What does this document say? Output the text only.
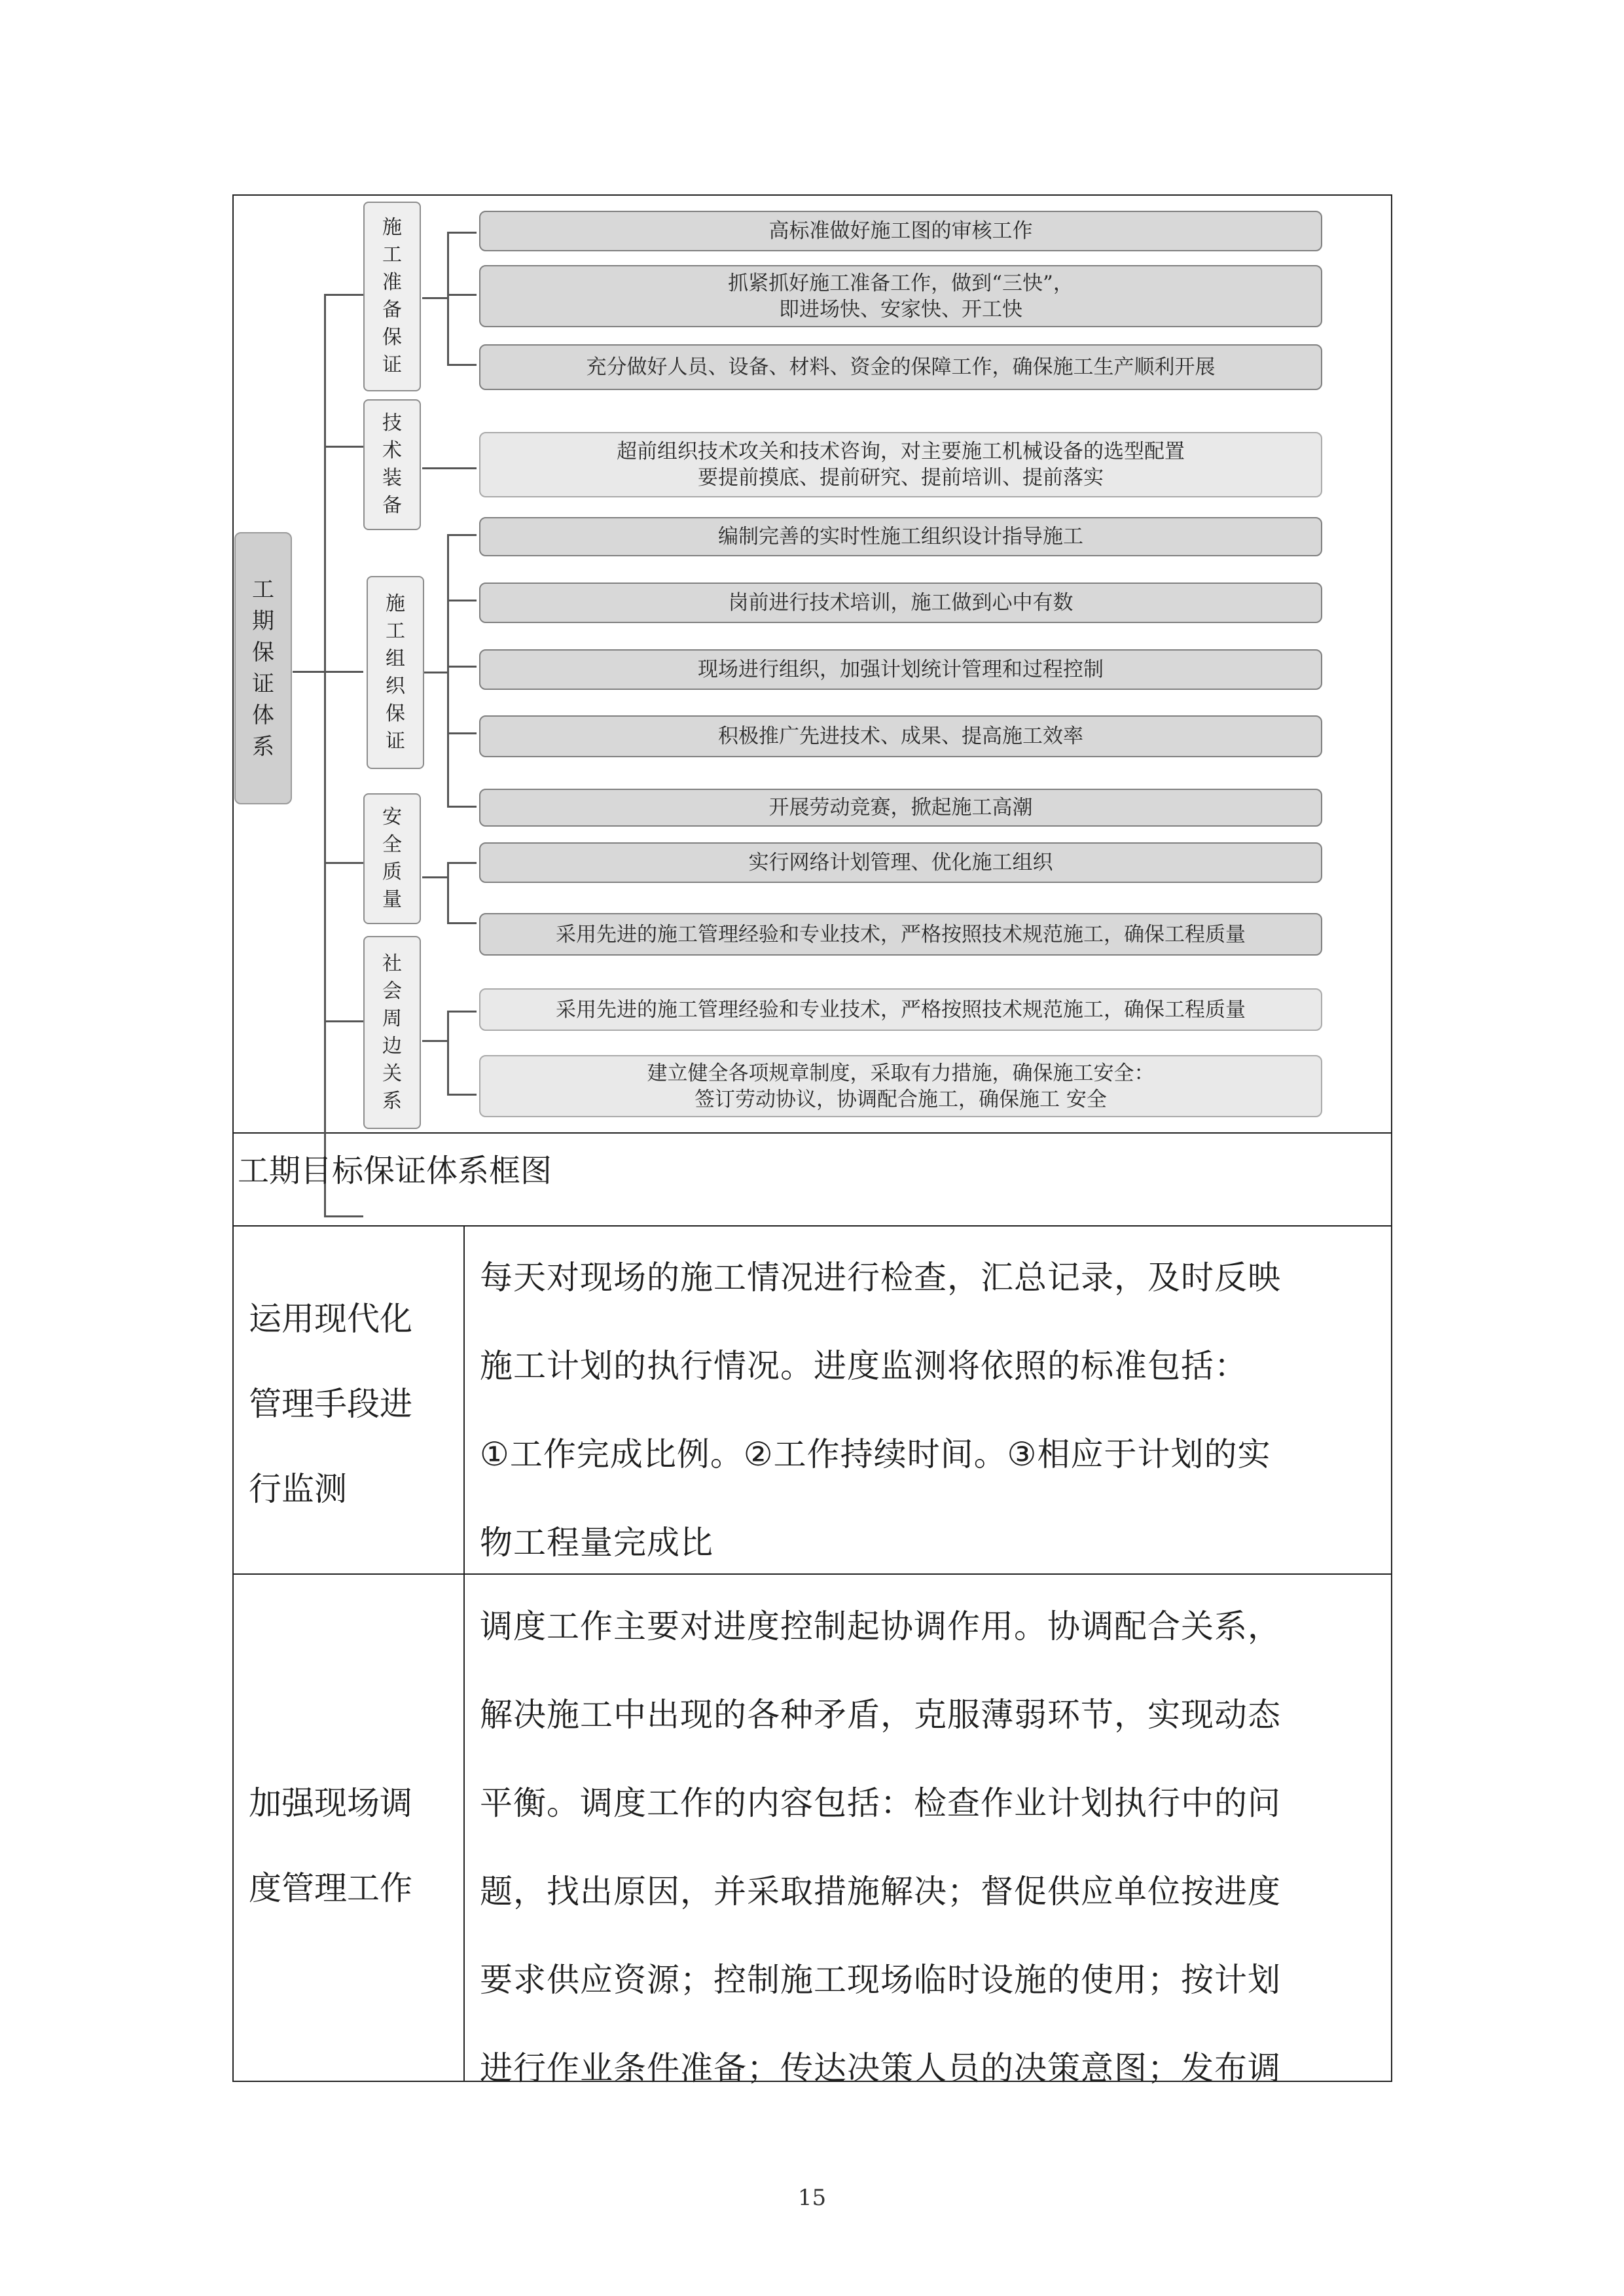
工
期
保
证
体
系
施
工
准
备
保
证
技
术
装
备
施
工
组
织
保
证
安
全
质
量
社
会
周
边
关
系
高标准做好施工图的审核工作
抓紧抓好施工准备工作，做到“三快”，
即进场快、安家快、开工快
充分做好人员、设备、材料、资金的保障工作，确保施工生产顺利开展
超前组织技术攻关和技术咨询，对主要施工机械设备的选型配置
要提前摸底、提前研究、提前培训、提前落实
编制完善的实时性施工组织设计指导施工
岗前进行技术培训，施工做到心中有数
现场进行组织，加强计划统计管理和过程控制
积极推广先进技术、成果、提高施工效率
开展劳动竞赛，掀起施工高潮
实行网络计划管理、优化施工组织
采用先进的施工管理经验和专业技术，严格按照技术规范施工，确保工程质量
采用先进的施工管理经验和专业技术，严格按照技术规范施工，确保工程质量
建立健全各项规章制度，采取有力措施，确保施工安全：
签订劳动协议，协调配合施工，确保施工 安全
工期目标保证体系框图
运用现代化
管理手段进
行监测
每天对现场的施工情况进行检查，汇总记录，及时反映
施工计划的执行情况。进度监测将依照的标准包括：
①工作完成比例。②工作持续时间。③相应于计划的实
物工程量完成比
加强现场调
度管理工作
调度工作主要对进度控制起协调作用。协调配合关系，
解决施工中出现的各种矛盾，克服薄弱环节，实现动态
平衡。调度工作的内容包括：检查作业计划执行中的问
题，找出原因，并采取措施解决；督促供应单位按进度
要求供应资源；控制施工现场临时设施的使用；按计划
进行作业条件准备；传达决策人员的决策意图；发布调
15
